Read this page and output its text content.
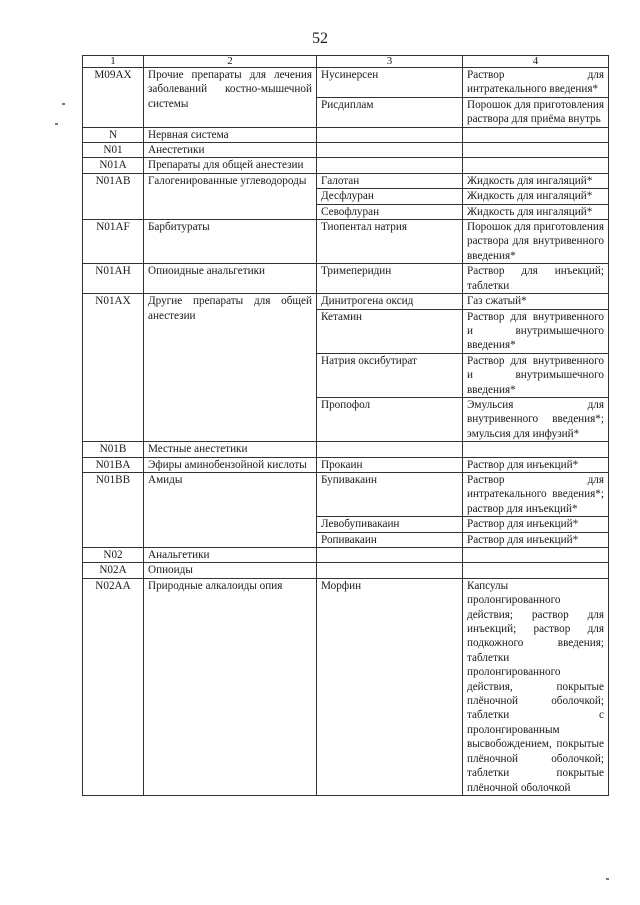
52
1	2	3	4
M09AX	Прочие препараты для лечения заболеваний костно-мышечной системы	Нусинерсен	Раствор для интратекального введения*
		Рисдиплам	Порошок для приготовления раствора для приёма внутрь
N	Нервная система		
N01	Анестетики		
N01A	Препараты для общей анестезии		
N01AB	Галогенированные углеводороды	Галотан	Жидкость для ингаляций*
		Десфлуран	Жидкость для ингаляций*
		Севофлуран	Жидкость для ингаляций*
N01AF	Барбитураты	Тиопентал натрия	Порошок для приготовления раствора для внутривенного введения*
N01AH	Опиоидные анальгетики	Тримеперидин	Раствор для инъекций; таблетки
N01AX	Другие препараты для общей анестезии	Динитрогена оксид	Газ сжатый*
		Кетамин	Раствор для внутривенного и внутримышечного введения*
		Натрия оксибутират	Раствор для внутривенного и внутримышечного введения*
		Пропофол	Эмульсия для внутривенного введения*; эмульсия для инфузий*
N01B	Местные анестетики		
N01BA	Эфиры аминобензойной кислоты	Прокаин	Раствор для инъекций*
N01BB	Амиды	Бупивакаин	Раствор для интратекального введения*; раствор для инъекций*
		Левобупивакаин	Раствор для инъекций*
		Ропивакаин	Раствор для инъекций*
N02	Анальгетики		
N02A	Опиоиды		
N02AA	Природные алкалоиды опия	Морфин	Капсулы пролонгированного действия; раствор для инъекций; раствор для подкожного введения; таблетки пролонгированного действия, покрытые плёночной оболочкой; таблетки с пролонгированным высвобождением, покрытые плёночной оболочкой; таблетки покрытые плёночной оболочкой
